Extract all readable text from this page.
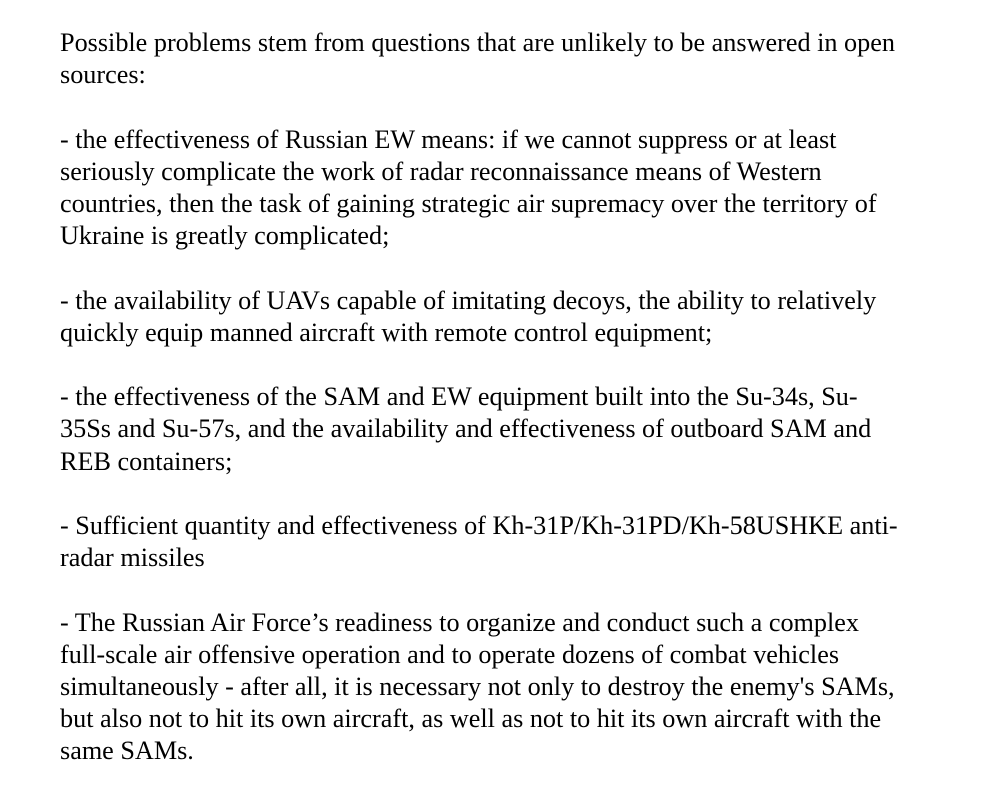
Possible problems stem from questions that are unlikely to be answered in open
sources:

- the effectiveness of Russian EW means: if we cannot suppress or at least
seriously complicate the work of radar reconnaissance means of Western
countries, then the task of gaining strategic air supremacy over the territory of
Ukraine is greatly complicated;

- the availability of UAVs capable of imitating decoys, the ability to relatively
quickly equip manned aircraft with remote control equipment;

- the effectiveness of the SAM and EW equipment built into the Su-34s, Su-
35Ss and Su-57s, and the availability and effectiveness of outboard SAM and
REB containers;

- Sufficient quantity and effectiveness of Kh-31P/Kh-31PD/Kh-58USHKE anti-
radar missiles

- The Russian Air Force’s readiness to organize and conduct such a complex
full-scale air offensive operation and to operate dozens of combat vehicles
simultaneously - after all, it is necessary not only to destroy the enemy's SAMs,
but also not to hit its own aircraft, as well as not to hit its own aircraft with the
same SAMs.
